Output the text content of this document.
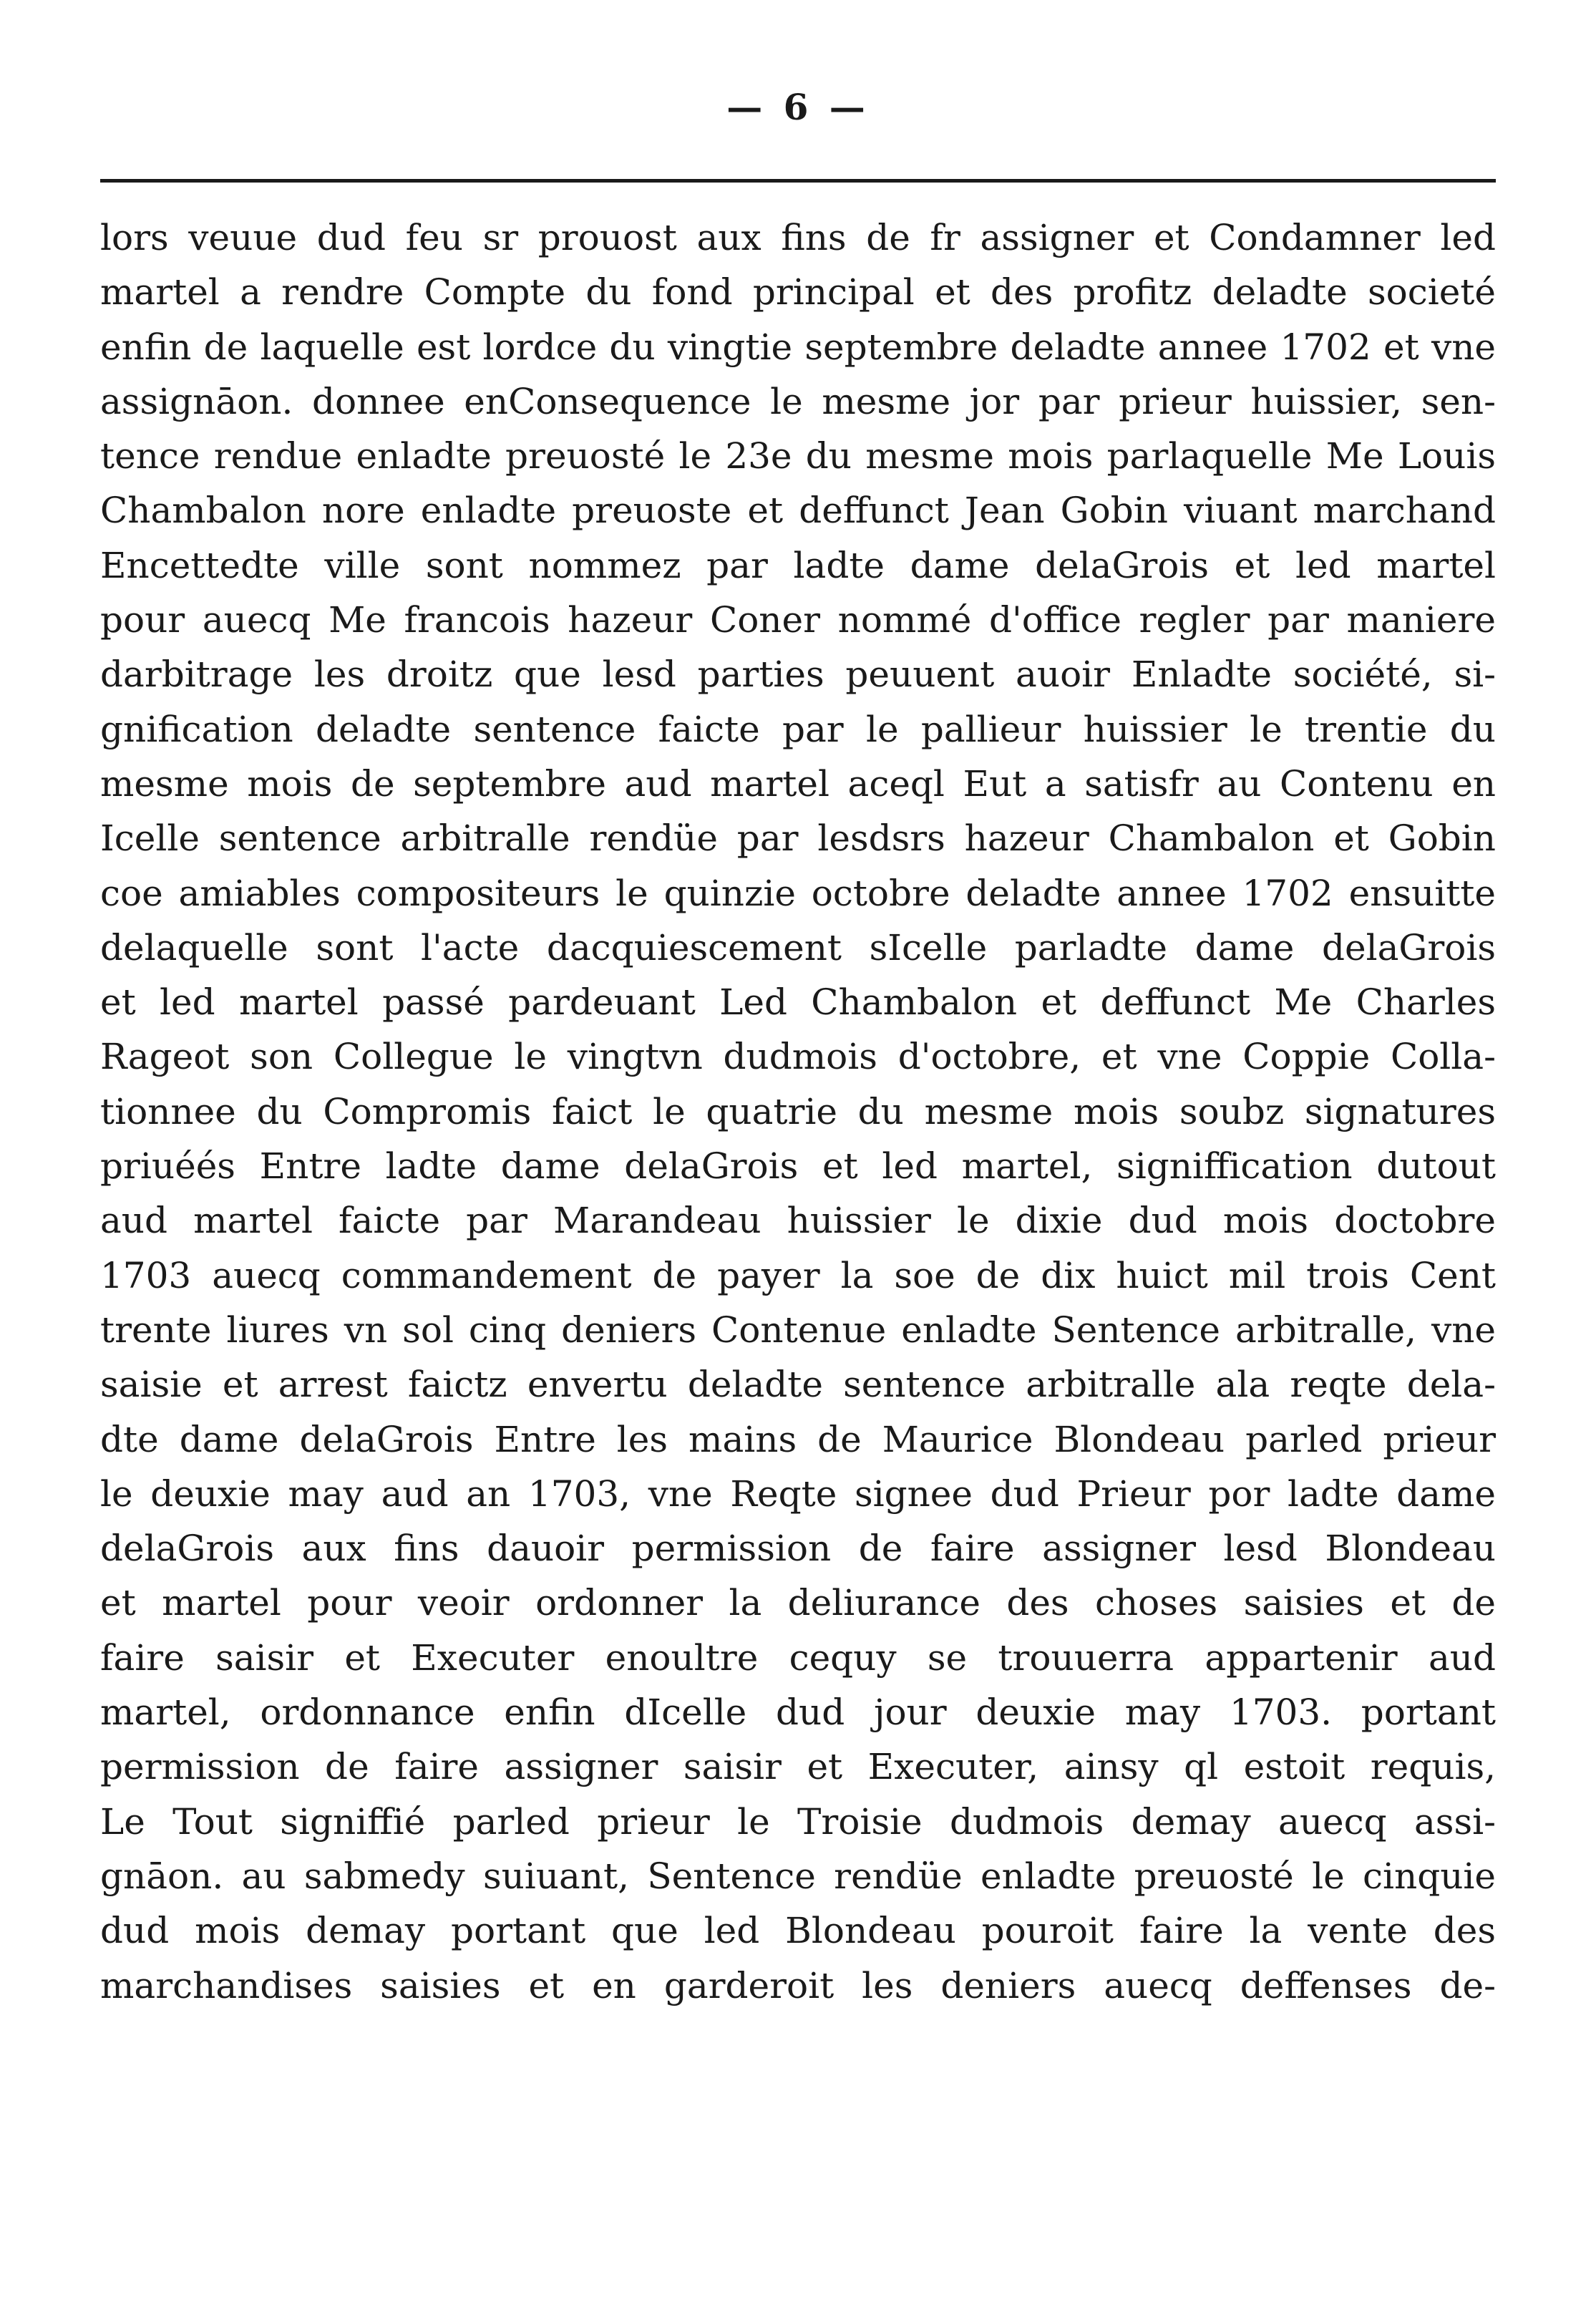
— 6 —
lors veuue dud feu sr prouost aux fins de fr assigner et Condamner led
martel a rendre Compte du fond principal et des profitz deladte societé
enfin de laquelle est lordce du vingtie septembre deladte annee 1702 et vne
assignāon. donnee enConsequence le mesme jor par prieur huissier, sen-
tence rendue enladte preuosté le 23e du mesme mois parlaquelle Me Louis
Chambalon nore enladte preuoste et deffunct Jean Gobin viuant marchand
Encettedte ville sont nommez par ladte dame delaGrois et led martel
pour auecq Me francois hazeur Coner nommé d'office regler par maniere
darbitrage les droitz que lesd parties peuuent auoir Enladte société, si-
gnification deladte sentence faicte par le pallieur huissier le trentie du
mesme mois de septembre aud martel aceql Eut a satisfr au Contenu en
Icelle sentence arbitralle rendüe par lesdsrs hazeur Chambalon et Gobin
coe amiables compositeurs le quinzie octobre deladte annee 1702 ensuitte
delaquelle sont l'acte dacquiescement sIcelle parladte dame delaGrois
et led martel passé pardeuant Led Chambalon et deffunct Me Charles
Rageot son Collegue le vingtvn dudmois d'octobre, et vne Coppie Colla-
tionnee du Compromis faict le quatrie du mesme mois soubz signatures
priuéés Entre ladte dame delaGrois et led martel, signiffication dutout
aud martel faicte par Marandeau huissier le dixie dud mois doctobre
1703 auecq commandement de payer la soe de dix huict mil trois Cent
trente liures vn sol cinq deniers Contenue enladte Sentence arbitralle, vne
saisie et arrest faictz envertu deladte sentence arbitralle ala reqte dela-
dte dame delaGrois Entre les mains de Maurice Blondeau parled prieur
le deuxie may aud an 1703, vne Reqte signee dud Prieur por ladte dame
delaGrois aux fins dauoir permission de faire assigner lesd Blondeau
et martel pour veoir ordonner la deliurance des choses saisies et de
faire saisir et Executer enoultre cequy se trouuerra appartenir aud
martel, ordonnance enfin dIcelle dud jour deuxie may 1703. portant
permission de faire assigner saisir et Executer, ainsy ql estoit requis,
Le Tout signiffié parled prieur le Troisie dudmois demay auecq assi-
gnāon. au sabmedy suiuant, Sentence rendüe enladte preuosté le cinquie
dud mois demay portant que led Blondeau pouroit faire la vente des
marchandises saisies et en garderoit les deniers auecq deffenses de-
